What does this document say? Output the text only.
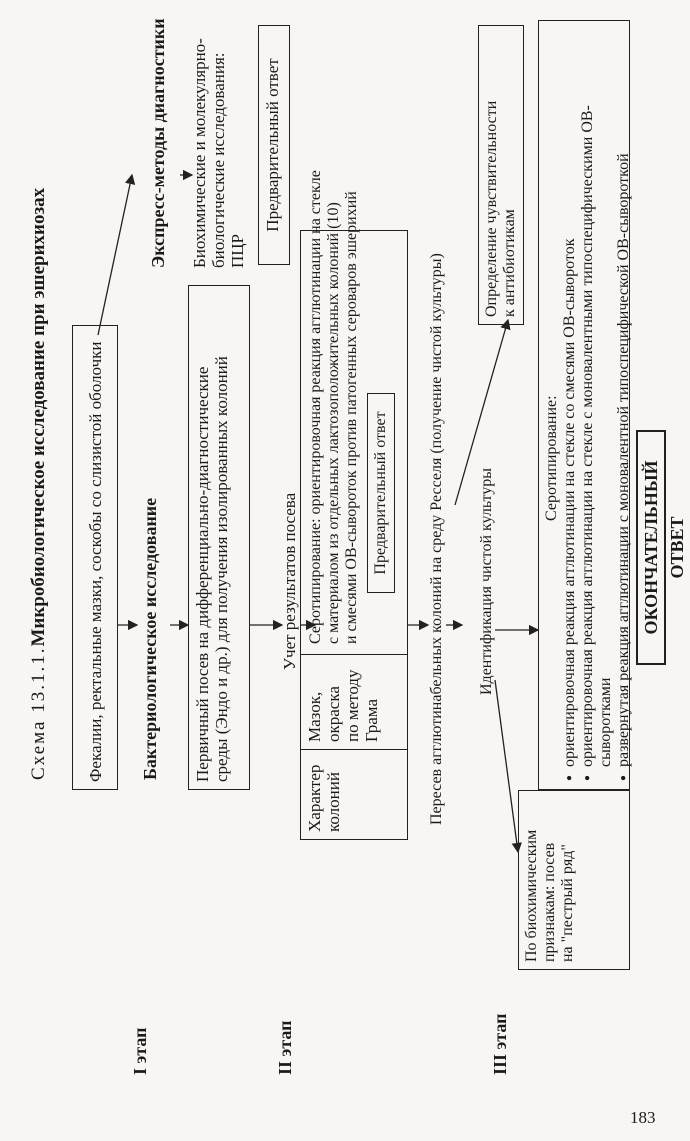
Схема 13.1.1.Микробиологическое исследование при эшерихиозах
I этап	II этап	III этап
Фекалии, ректальные мазки, соскобы со слизистой оболочки Бактериологическое исследование Первичный посев на дифференциально-диагностические среды (Эндо и др.) для получения изолированных колоний	Учет результатов посева
Характер колоний
Мазок, окраска по методу Грама
Серотипирование: ориентировочная реакция агглютинации на стекле с материалом из отдельных лактозоположительных колоний (10) и смесями ОВ-сывороток против патогенных сероваров эшерихий Предварительный ответ
Экспресс-методы диагностики Биохимические и молекулярно- биологические исследования: ПЦР
Предварительный ответ
Пересев агглютинабельных колоний на среду Ресселя (получение чистой культуры) Идентификация чистой культуры
Определение чувствительности к антибиотикам
По биохимическим признакам: посев на "пестрый ряд"
Серотипирование: ● ориентировочная реакция агглютинации на стекле со смесями ОВ-сывороток ● ориентировочная реакция агглютинации на стекле с моновалентными типоспецифическими ОВ-сыворотками ● развернутая реакция агглютинации с моновалентной типоспецифической ОВ-сывороткой ОКОНЧАТЕЛЬНЫЙ ОТВЕТ
183
